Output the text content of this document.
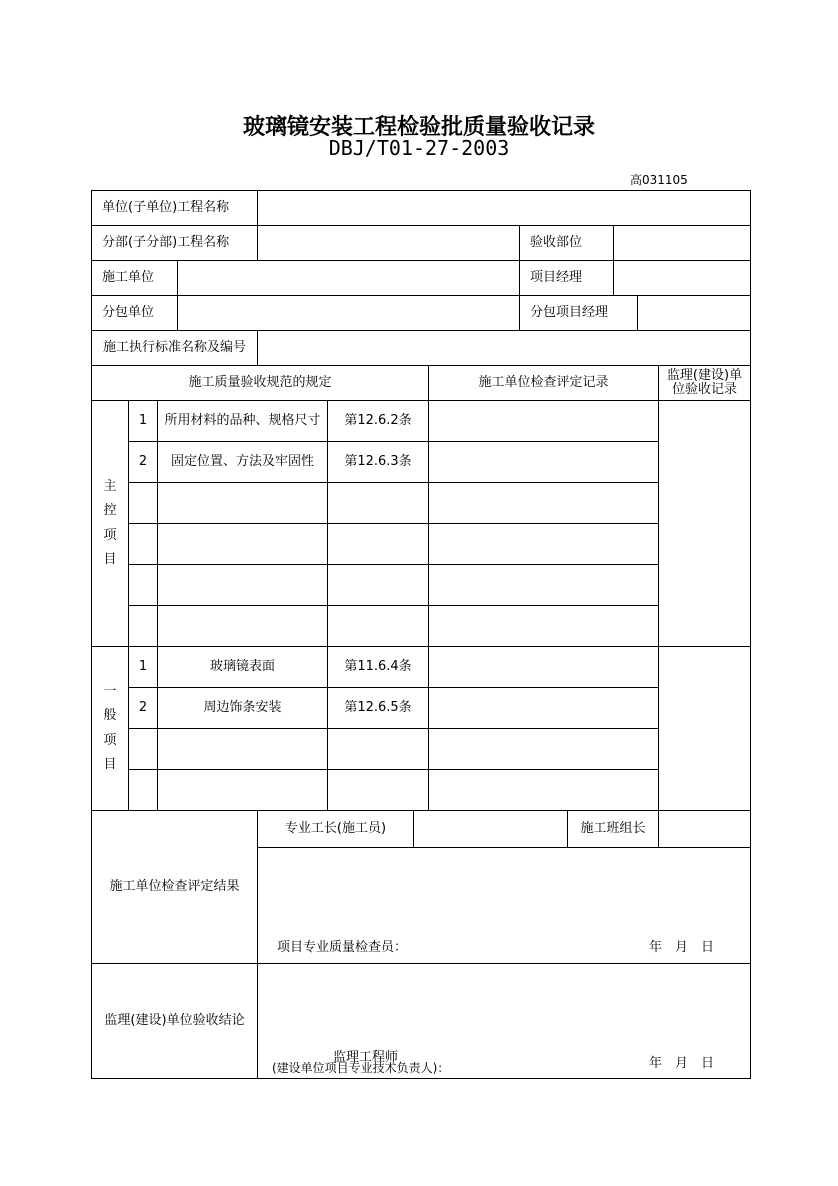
玻璃镜安装工程检验批质量验收记录
DBJ/T01-27-2003
高031105
单位(子单位)工程名称
分部(子分部)工程名称	验收部位
施工单位	项目经理
分包单位	分包项目经理
施工执行标准名称及编号
施工质量验收规范的规定	施工单位检查评定记录	监理(建设)单位验收记录
主
控
项
目
1	所用材料的品种、规格尺寸	第12.6.2条
2	固定位置、方法及牢固性	第12.6.3条
一
般
项
目
1	玻璃镜表面	第11.6.4条
2	周边饰条安装	第12.6.5条
施工单位检查评定结果
专业工长(施工员)	施工班组长
项目专业质量检查员：	年　月　日
监理(建设)单位验收结论
监理工程师
(建设单位项目专业技术负责人)：	年　月　日
